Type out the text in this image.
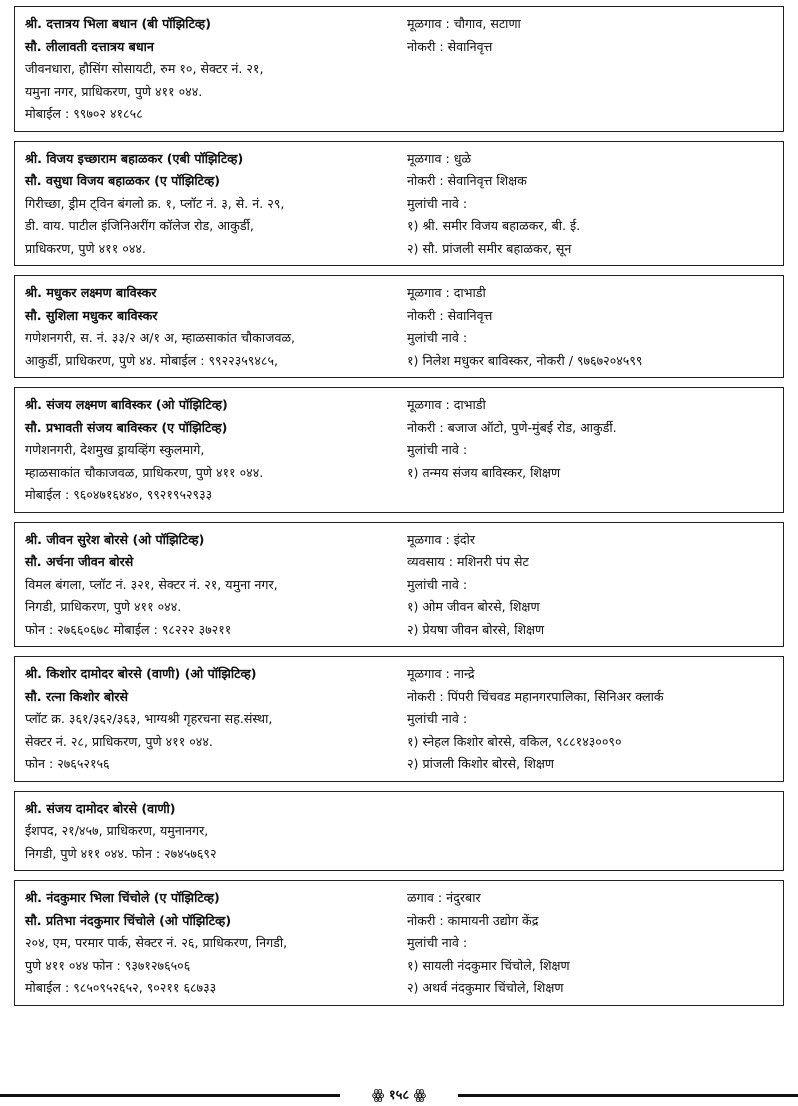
श्री. दत्तात्रय भिला बधान (बी पॉझिटिव्ह)
सौ. लीलावती दत्तात्रय बधान
जीवनधारा, हौसिंग सोसायटी, रुम १०, सेक्टर नं. २१,
यमुना नगर, प्राधिकरण, पुणे ४११ ०४४.
मोबाईल : ९९७०२ ४१८५८
मूळगाव : चौगाव, सटाणा
नोकरी : सेवानिवृत्त
श्री. विजय इच्छाराम बहाळकर (एबी पॉझिटिव्ह)
सौ. वसुधा विजय बहाळकर (ए पॉझिटिव्ह)
गिरीच्छा, ड्रीम ट्विन बंगलो क्र. १, प्लॉट नं. ३, से. नं. २९,
डी. वाय. पाटील इंजिनिअरींग कॉलेज रोड, आकुर्डी,
प्राधिकरण, पुणे ४११ ०४४.
मूळगाव : धुळे
नोकरी : सेवानिवृत्त शिक्षक
मुलांची नावे :
१) श्री. समीर विजय बहाळकर, बी. ई.
२) सौ. प्रांजली समीर बहाळकर, सून
श्री. मधुकर लक्ष्मण बाविस्कर
सौ. सुशिला मधुकर बाविस्कर
गणेशनगरी, स. नं. ३३/२ अ/१ अ, म्हाळसाकांत चौकाजवळ,
आकुर्डी, प्राधिकरण, पुणे ४४. मोबाईल : ९९२२३५९४८५,
मूळगाव : दाभाडी
नोकरी : सेवानिवृत्त
मुलांची नावे :
१) निलेश मधुकर बाविस्कर, नोकरी / ९७६७२०४५९९
श्री. संजय लक्ष्मण बाविस्कर (ओ पॉझिटिव्ह)
सौ. प्रभावती संजय बाविस्कर (ए पॉझिटिव्ह)
गणेशनगरी, देशमुख ड्रायव्हिंग स्कुलमागे,
म्हाळसाकांत चौकाजवळ, प्राधिकरण, पुणे ४११ ०४४.
मोबाईल : ९६०४७१६४४०, ९९२१९५२९३३
मूळगाव : दाभाडी
नोकरी : बजाज ऑटो, पुणे-मुंबई रोड, आकुर्डी.
मुलांची नावे :
१) तन्मय संजय बाविस्कर, शिक्षण
श्री. जीवन सुरेश बोरसे (ओ पॉझिटिव्ह)
सौ. अर्चना जीवन बोरसे
विमल बंगला, प्लॉट नं. ३२१, सेक्टर नं. २१, यमुना नगर,
निगडी, प्राधिकरण, पुणे ४११ ०४४.
फोन : २७६६०६७८ मोबाईल : ९८२२२ ३७२११
मूळगाव : इंदोर
व्यवसाय : मशिनरी पंप सेट
मुलांची नावे :
१) ओम जीवन बोरसे, शिक्षण
२) प्रेयषा जीवन बोरसे, शिक्षण
श्री. किशोर दामोदर बोरसे (वाणी) (ओ पॉझिटिव्ह)
सौ. रत्ना किशोर बोरसे
प्लॉट क्र. ३६१/३६२/३६३, भाग्यश्री गृहरचना सह.संस्था,
सेक्टर नं. २८, प्राधिकरण, पुणे ४११ ०४४.
फोन : २७६५२१५६
मूळगाव : नान्द्रे
नोकरी : पिंपरी चिंचवड महानगरपालिका, सिनिअर क्लार्क
मुलांची नावे :
१) स्नेहल किशोर बोरसे, वकिल, ९८८१४३००९०
२) प्रांजली किशोर बोरसे, शिक्षण
श्री. संजय दामोदर बोरसे (वाणी)
ईशपद, २१/४५७, प्राधिकरण, यमुनानगर,
निगडी, पुणे ४११ ०४४. फोन : २७४५७६९२
श्री. नंदकुमार भिला चिंचोले (ए पॉझिटिव्ह)
सौ. प्रतिभा नंदकुमार चिंचोले (ओ पॉझिटिव्ह)
२०४, एम, परमार पार्क, सेक्टर नं. २६, प्राधिकरण, निगडी,
पुणे ४११ ०४४ फोन : ९३७१२७६५०६
मोबाईल : ९८५०९५२६५२, ९०२११ ६८७३३
ळगाव : नंदुरबार
नोकरी : कामायनी उद्योग केंद्र
मुलांची नावे :
१) सायली नंदकुमार चिंचोले, शिक्षण
२) अथर्व नंदकुमार चिंचोले, शिक्षण
ꙮ १५८ ꙮ
